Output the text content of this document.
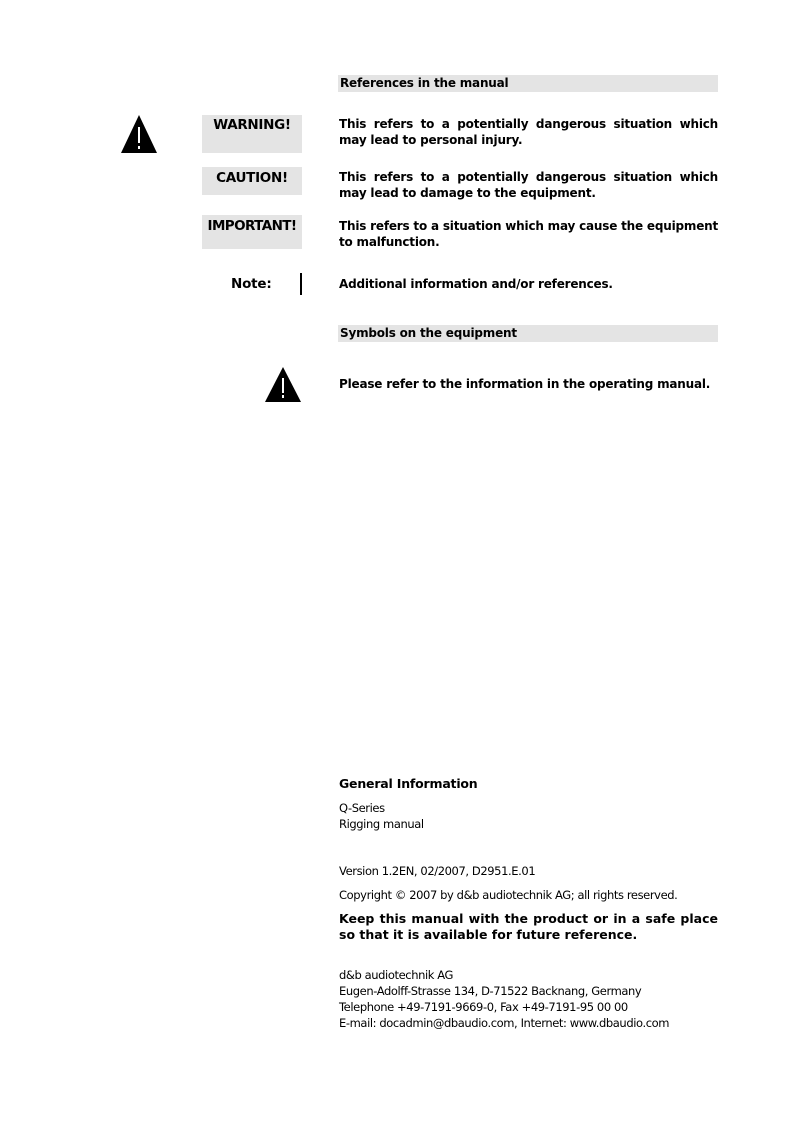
References in the manual
WARNING!	This refers to a potentially dangerous situation which may lead to personal injury.
CAUTION!	This refers to a potentially dangerous situation which may lead to damage to the equipment.
IMPORTANT!	This refers to a situation which may cause the equipment to malfunction.
Note:	Additional information and/or references.
Symbols on the equipment
Please refer to the information in the operating manual.
General Information
Q-Series
Rigging manual
Version 1.2EN, 02/2007, D2951.E.01
Copyright © 2007 by d&b audiotechnik AG; all rights reserved.
Keep this manual with the product or in a safe place so that it is available for future reference.
d&b audiotechnik AG
Eugen-Adolff-Strasse 134, D-71522 Backnang, Germany
Telephone +49-7191-9669-0, Fax +49-7191-95 00 00
E-mail: docadmin@dbaudio.com, Internet: www.dbaudio.com
